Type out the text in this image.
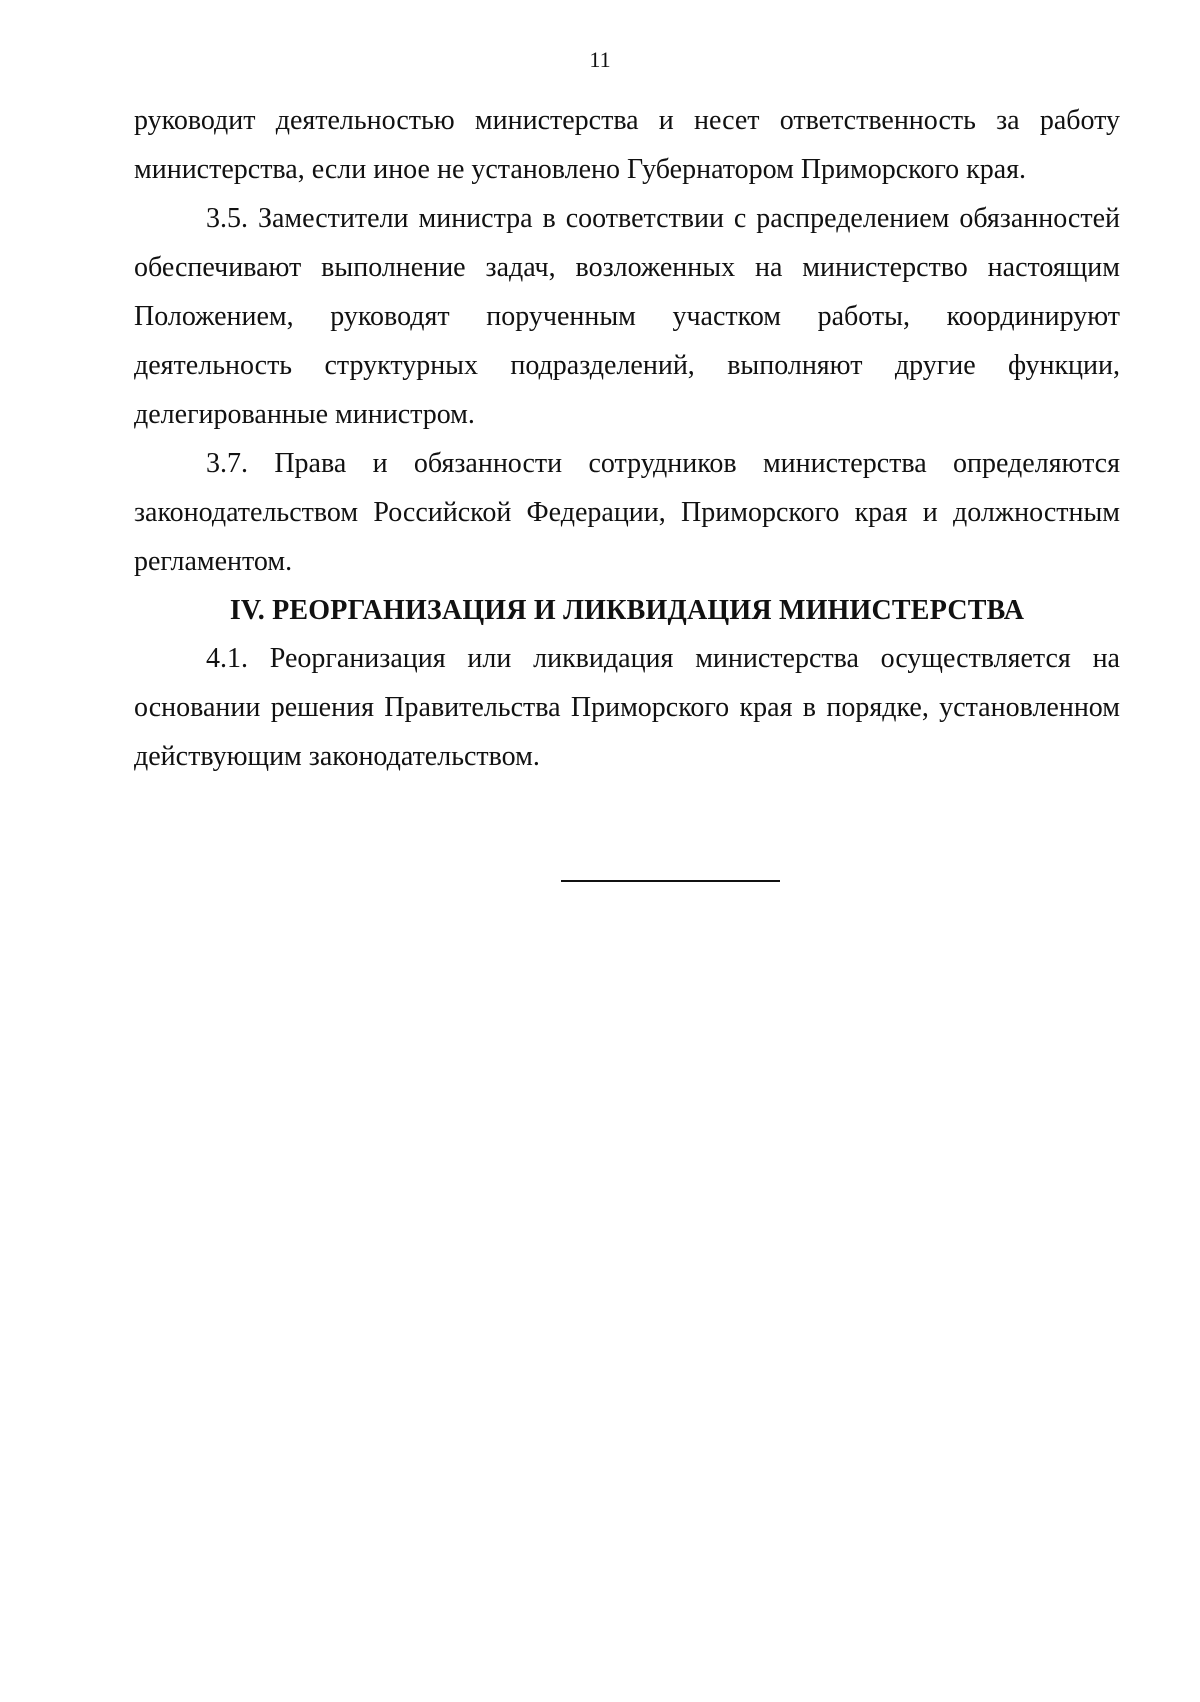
11

руководит деятельностью министерства и несет ответственность за работу министерства, если иное не установлено Губернатором Приморского края.

3.5. Заместители министра в соответствии с распределением обязанностей обеспечивают выполнение задач, возложенных на министерство настоящим Положением, руководят порученным участком работы, координируют деятельность структурных подразделений, выполняют другие функции, делегированные министром.

3.7. Права и обязанности сотрудников министерства определяются законодательством Российской Федерации, Приморского края и должностным регламентом.

IV. РЕОРГАНИЗАЦИЯ И ЛИКВИДАЦИЯ МИНИСТЕРСТВА

4.1. Реорганизация или ликвидация министерства осуществляется на основании решения Правительства Приморского края в порядке, установленном действующим законодательством.
